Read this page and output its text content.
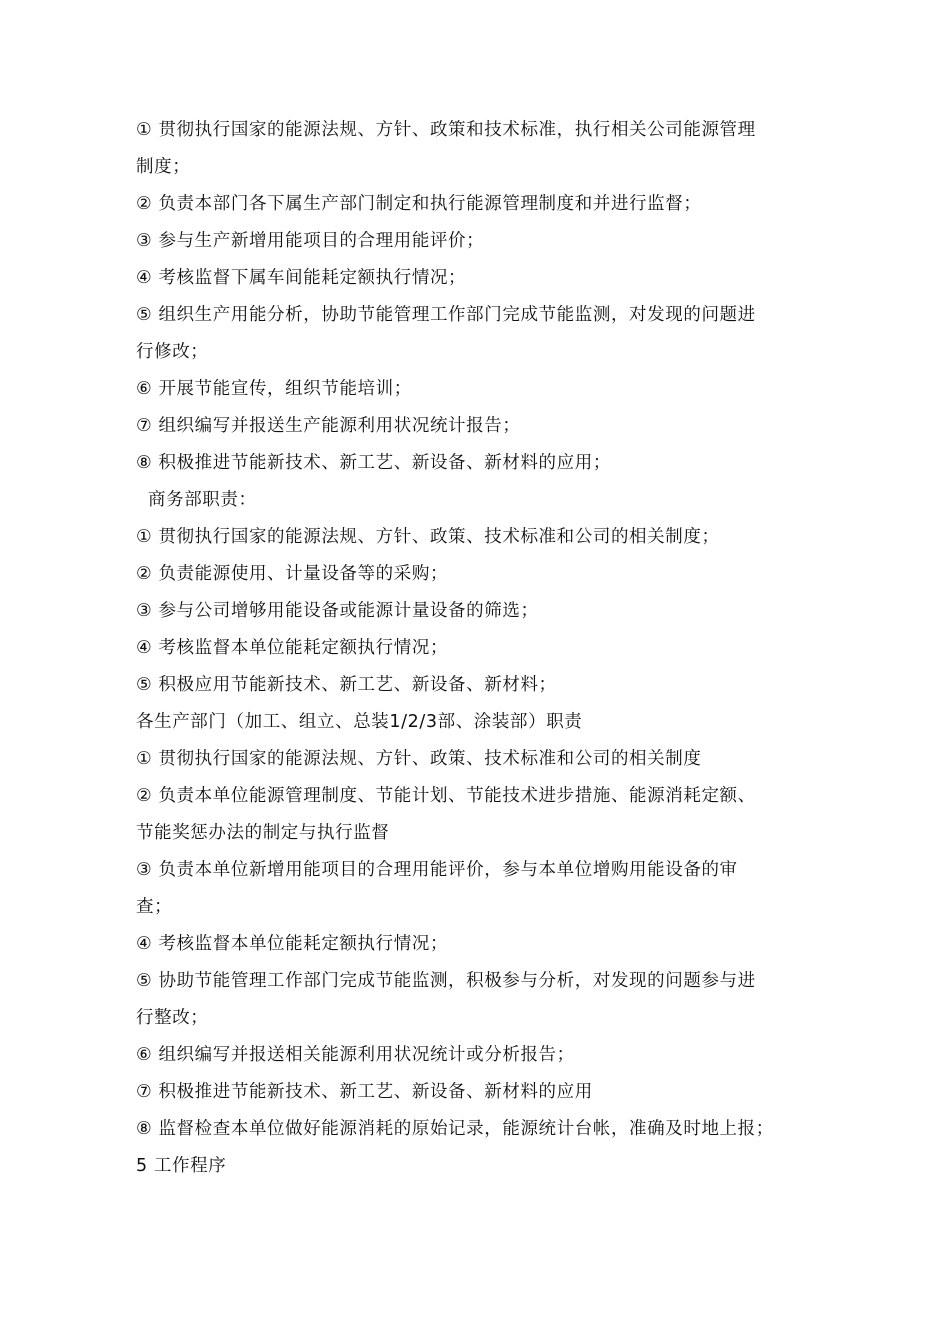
① 贯彻执行国家的能源法规、方针、政策和技术标准，执行相关公司能源管理
制度；
② 负责本部门各下属生产部门制定和执行能源管理制度和并进行监督；
③ 参与生产新增用能项目的合理用能评价；
④ 考核监督下属车间能耗定额执行情况；
⑤ 组织生产用能分析，协助节能管理工作部门完成节能监测，对发现的问题进
行修改；
⑥ 开展节能宣传，组织节能培训；
⑦ 组织编写并报送生产能源利用状况统计报告；
⑧ 积极推进节能新技术、新工艺、新设备、新材料的应用；
商务部职责：
① 贯彻执行国家的能源法规、方针、政策、技术标准和公司的相关制度；
② 负责能源使用、计量设备等的采购；
③ 参与公司增够用能设备或能源计量设备的筛选；
④ 考核监督本单位能耗定额执行情况；
⑤ 积极应用节能新技术、新工艺、新设备、新材料；
各生产部门（加工、组立、总装1/2/3部、涂装部）职责
① 贯彻执行国家的能源法规、方针、政策、技术标准和公司的相关制度
② 负责本单位能源管理制度、节能计划、节能技术进步措施、能源消耗定额、
节能奖惩办法的制定与执行监督
③ 负责本单位新增用能项目的合理用能评价，参与本单位增购用能设备的审
查；
④ 考核监督本单位能耗定额执行情况；
⑤ 协助节能管理工作部门完成节能监测，积极参与分析，对发现的问题参与进
行整改；
⑥ 组织编写并报送相关能源利用状况统计或分析报告；
⑦ 积极推进节能新技术、新工艺、新设备、新材料的应用
⑧ 监督检查本单位做好能源消耗的原始记录，能源统计台帐，准确及时地上报；
5 工作程序
